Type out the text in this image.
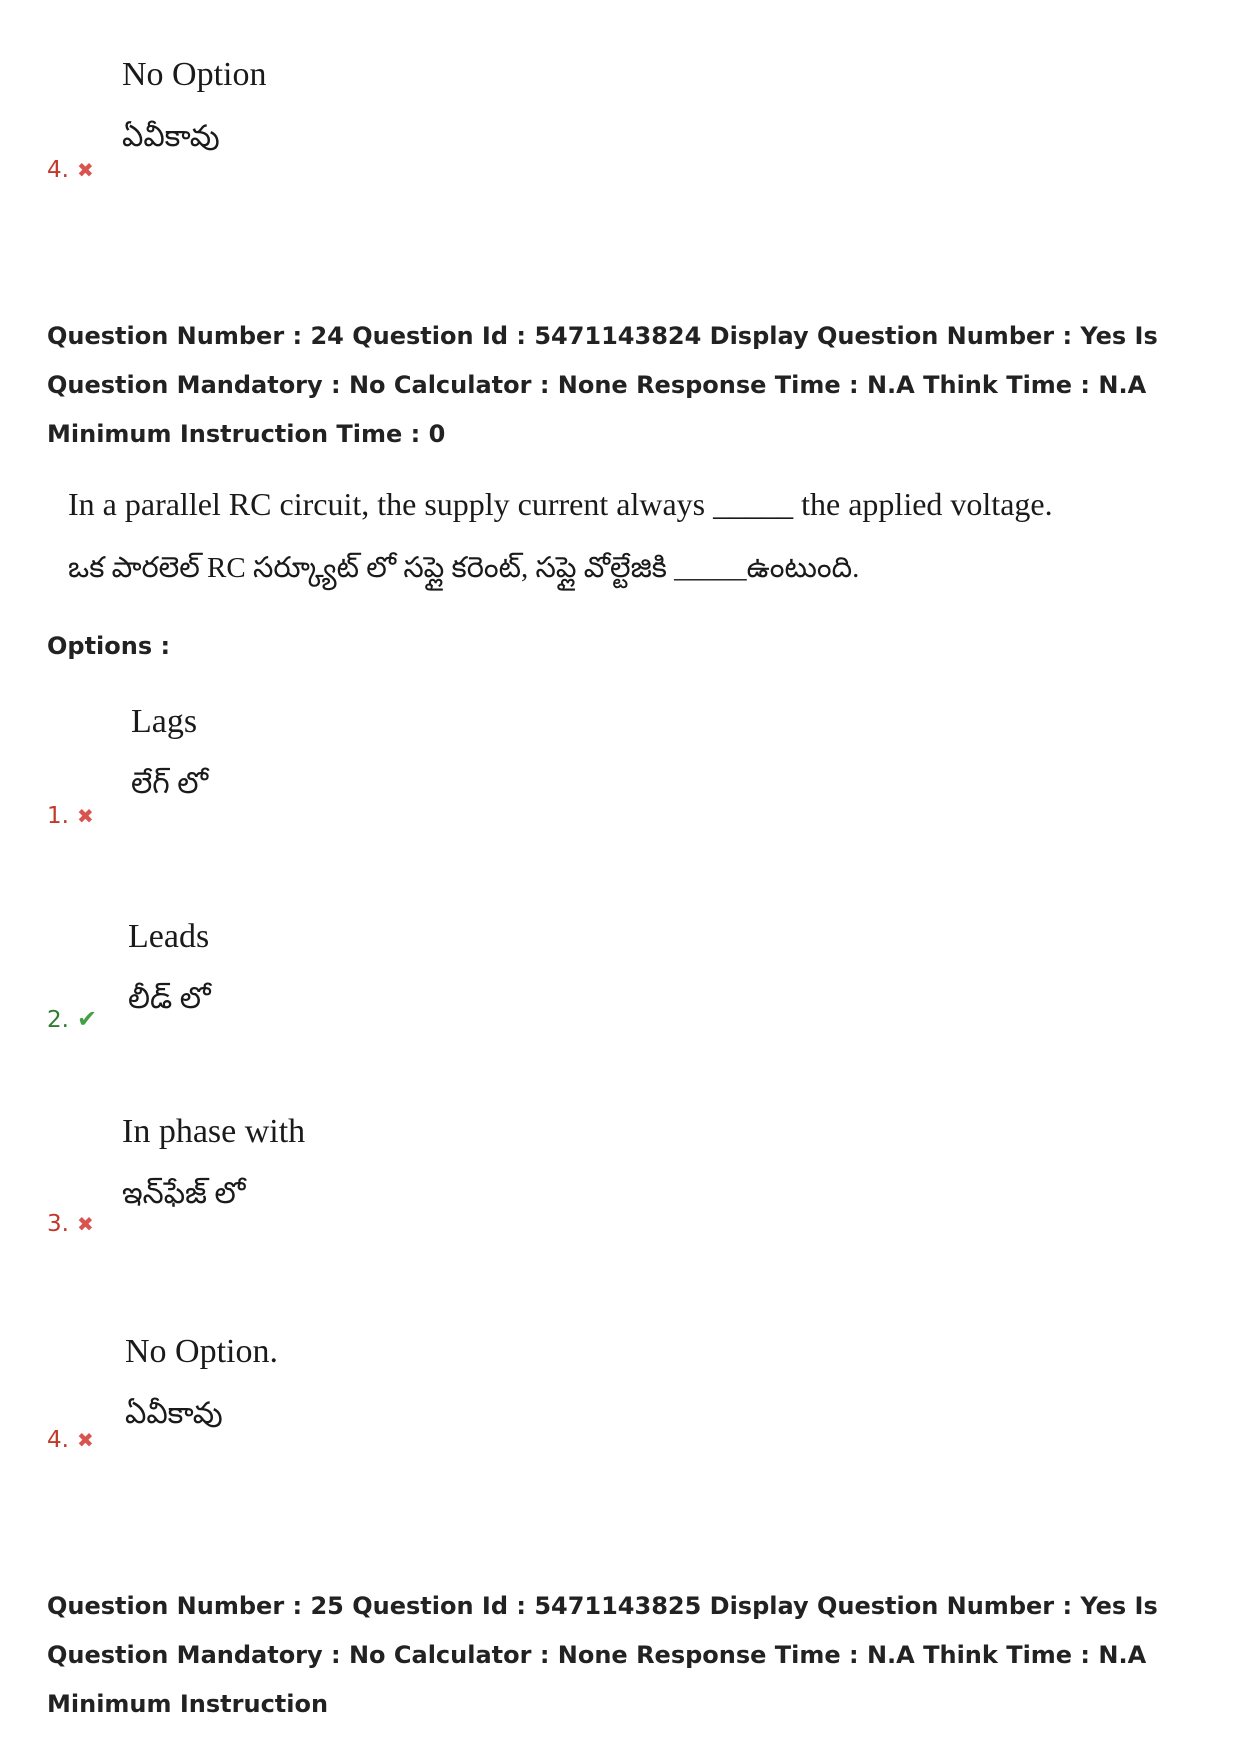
No Option
ఏవీకావు
4. ✖

Question Number : 24 Question Id : 5471143824 Display Question Number : Yes Is Question Mandatory : No Calculator : None Response Time : N.A Think Time : N.A Minimum Instruction Time : 0

In a parallel RC circuit, the supply current always _____ the applied voltage.
ఒక పారలెల్ RC సర్క్యూట్ లో సప్లై కరెంట్, సప్లై వోల్టేజికి _____ఉంటుంది.
Options :
Lags
లేగ్ లో
1. ✖
Leads
లీడ్ లో
2. ✔
In phase with
ఇన్‌ఫేజ్ లో
3. ✖
No Option.
ఏవీకావు
4. ✖

Question Number : 25 Question Id : 5471143825 Display Question Number : Yes Is Question Mandatory : No Calculator : None Response Time : N.A Think Time : N.A Minimum Instruction
